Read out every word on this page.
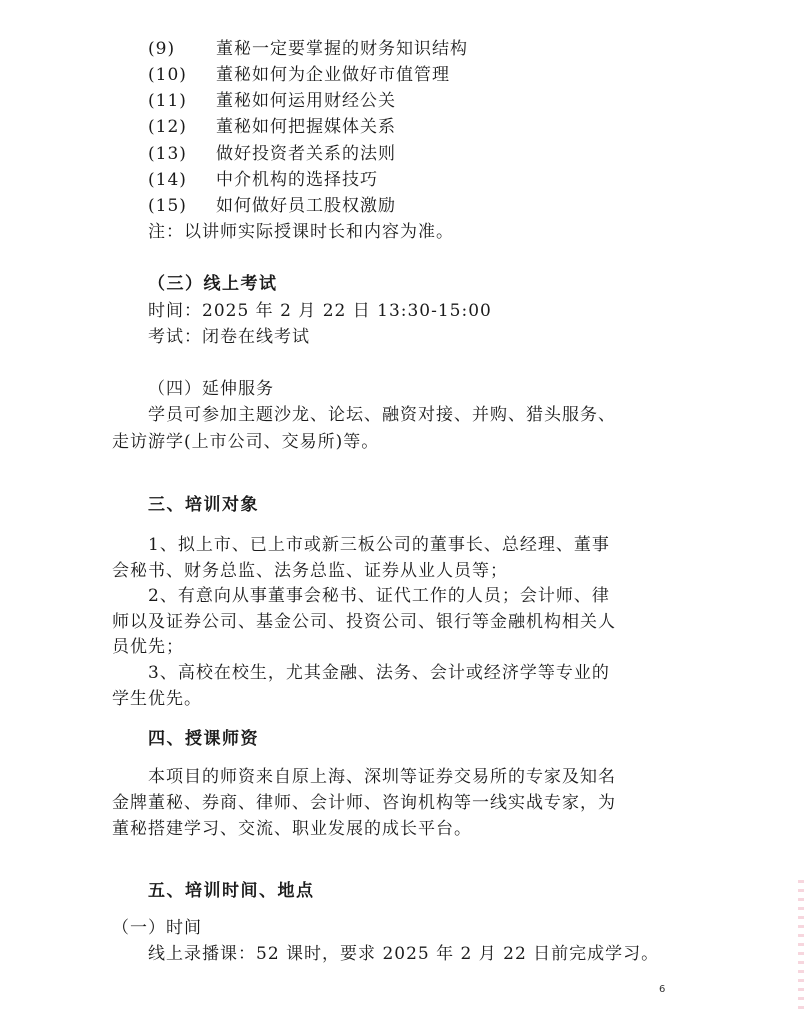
(9) 董秘一定要掌握的财务知识结构
(10) 董秘如何为企业做好市值管理
(11) 董秘如何运用财经公关
(12) 董秘如何把握媒体关系
(13) 做好投资者关系的法则
(14) 中介机构的选择技巧
(15) 如何做好员工股权激励
注：以讲师实际授课时长和内容为准。
（三）线上考试
时间：2025 年 2 月 22 日 13:30-15:00
考试：闭卷在线考试
（四）延伸服务
学员可参加主题沙龙、论坛、融资对接、并购、猎头服务、
走访游学(上市公司、交易所)等。
三、培训对象
1、拟上市、已上市或新三板公司的董事长、总经理、董事
会秘书、财务总监、法务总监、证券从业人员等；
2、有意向从事董事会秘书、证代工作的人员；会计师、律
师以及证券公司、基金公司、投资公司、银行等金融机构相关人
员优先；
3、高校在校生，尤其金融、法务、会计或经济学等专业的
学生优先。
四、授课师资
本项目的师资来自原上海、深圳等证券交易所的专家及知名
金牌董秘、券商、律师、会计师、咨询机构等一线实战专家，为
董秘搭建学习、交流、职业发展的成长平台。
五、培训时间、地点
（一）时间
线上录播课：52 课时，要求 2025 年 2 月 22 日前完成学习。
6
